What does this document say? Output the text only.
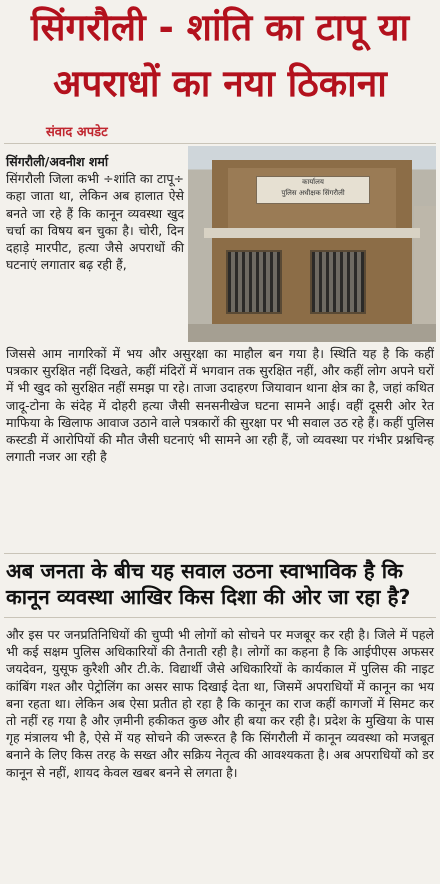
सिंगरौली - शांति का टापू या
अपराधों का नया ठिकाना
संवाद अपडेट
कार्यालय
पुलिस अधीक्षक सिंगरौली

सिंगरौली/अवनीश शर्मा
सिंगरौली जिला कभी ÷शांति का टापू÷ कहा जाता था, लेकिन अब हालात ऐसे बनते जा रहे हैं कि कानून व्यवस्था खुद चर्चा का विषय बन चुका है। चोरी, दिन दहाड़े मारपीट, हत्या जैसे अपराधों की घटनाएं लगातार बढ़ रही हैं,

जिससे आम नागरिकों में भय और असुरक्षा का माहौल बन गया है। स्थिति यह है कि कहीं पत्रकार सुरक्षित नहीं दिखते, कहीं मंदिरों में भगवान तक सुरक्षित नहीं, और कहीं लोग अपने घरों में भी खुद को सुरक्षित नहीं समझ पा रहे। ताजा उदाहरण जियावान थाना क्षेत्र का है, जहां कथित जादू-टोना के संदेह में दोहरी हत्या जैसी सनसनीखेज घटना सामने आई। वहीं दूसरी ओर रेत माफिया के खिलाफ आवाज उठाने वाले पत्रकारों की सुरक्षा पर भी सवाल उठ रहे हैं। कहीं पुलिस कस्टडी में आरोपियों की मौत जैसी घटनाएं भी सामने आ रही हैं, जो व्यवस्था पर गंभीर प्रश्नचिन्ह लगाती नजर आ रही है

अब जनता के बीच यह सवाल उठना स्वाभाविक है कि कानून व्यवस्था आखिर किस दिशा की ओर जा रहा है?

और इस पर जनप्रतिनिधियों की चुप्पी भी लोगों को सोचने पर मजबूर कर रही है। जिले में पहले भी कई सक्षम पुलिस अधिकारियों की तैनाती रही है। लोगों का कहना है कि आईपीएस अफसर जयदेवन, युसूफ कुरैशी और टी.के. विद्यार्थी जैसे अधिकारियों के कार्यकाल में पुलिस की नाइट कांबिंग गश्त और पेट्रोलिंग का असर साफ दिखाई देता था, जिसमें अपराधियों में कानून का भय बना रहता था। लेकिन अब ऐसा प्रतीत हो रहा है कि कानून का राज कहीं कागजों में सिमट कर तो नहीं रह गया है और ज़मीनी हकीकत कुछ और ही बया कर रही है। प्रदेश के मुखिया के पास गृह मंत्रालय भी है, ऐसे में यह सोचने की जरूरत है कि सिंगरौली में कानून व्यवस्था को मजबूत बनाने के लिए किस तरह के सख्त और सक्रिय नेतृत्व की आवश्यकता है। अब अपराधियों को डर कानून से नहीं, शायद केवल खबर बनने से लगता है।
